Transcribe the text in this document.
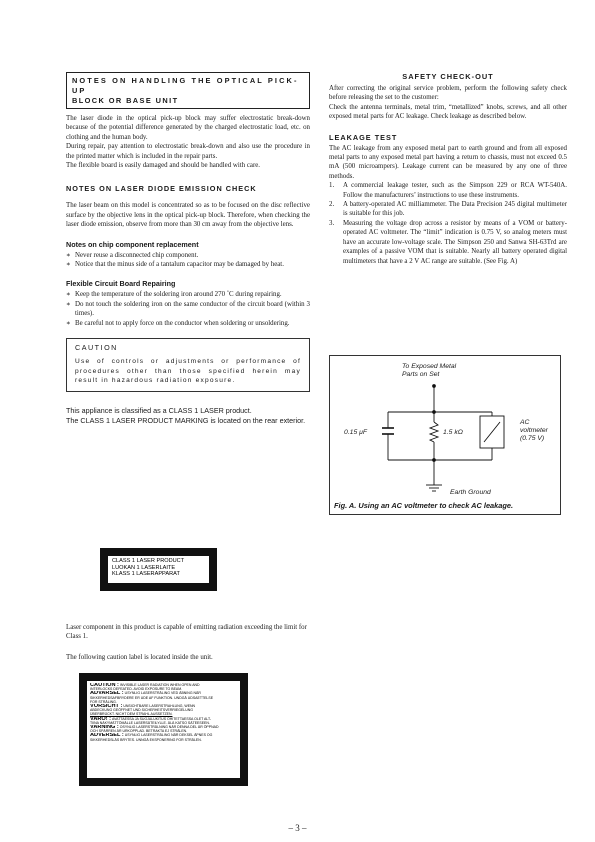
NOTES ON HANDLING THE OPTICAL PICK-UP
BLOCK OR BASE UNIT

The laser diode in the optical pick-up block may suffer electrostatic break-down because of the potential difference generated by the charged electrostatic load, etc. on clothing and the human body.

During repair, pay attention to electrostatic break-down and also use the procedure in the printed matter which is included in the repair parts.

The flexible board is easily damaged and should be handled with care.

NOTES ON LASER DIODE EMISSION CHECK

The laser beam on this model is concentrated so as to be focused on the disc reflective surface by the objective lens in the optical pick-up block. Therefore, when checking the laser diode emission, observe from more than 30 cm away from the objective lens.

Notes on chip component replacement

∗ Never reuse a disconnected chip component.
∗ Notice that the minus side of a tantalum capacitor may be damaged by heat.

Flexible Circuit Board Repairing

∗ Keep the temperature of the soldering iron around 270 ˚C during repairing.
∗ Do not touch the soldering iron on the same conductor of the circuit board (within 3 times).
∗ Be careful not to apply force on the conductor when soldering or unsoldering.
CAUTION
Use of controls or adjustments or performance of procedures other than those specified herein may result in hazardous radiation exposure.

This appliance is classified as a CLASS 1 LASER product.

The CLASS 1 LASER PRODUCT MARKING is located on the rear exterior.

CLASS 1 LASER PRODUCT
LUOKAN 1 LASERLAITE
KLASS 1 LASERAPPARAT

Laser component in this product is capable of emitting radiation exceeding the limit for Class 1.

The following caution label is located inside the unit.

CAUTION :INVISIBLE LASER RADIATION WHEN OPEN AND
INTERLOCKS DEFEATED. AVOID EXPOSURE TO BEAM.
ADVARSEL :USYNLIG LASERSTRÅLING VED ÅBNING NÅR
SIKKERHEDSAFBRYDERE ER UDE AF FUNKTION. UNDGÅ UDSAETTELSE
FOR STRÅLING.
VORSICHT :UNSICHTBARE LASERSTRAHLUNG, WENN
ABDECKUNG GEÖFFNET UND SICHERHEITSVERRIEGELUNG
ÜBERBRÜCKT. NICHT DEM STRAHL AUSSETZEN.
VARO! :AVATTAESSA JA SUOJALUKITUS OHITETTAESSA OLET ALT-
TIINA NÄKYMÄTTÖMÄLLE LASERSÄTEILYLLE. ÄLÄ KATSO SÄTEESEEN.
VARNING :OSYNLIG LASERSTRÅLNING NÄR DENNA DEL ÄR ÖPPNAD
OCH SPÄRREN ÄR URKOPPLAD. BETRAKTA EJ STRÅLEN.
ADVERSEL :USYNLIG LASERSTRÅLING NÅR DEKSEL ÅPNES OG
SIKKERHEDSLÅS BRYTES. UNNGÅ EKSPONERING FOR STRÅLEN.

SAFETY CHECK-OUT

After correcting the original service problem, perform the following safety check before releasing the set to the customer:

Check the antenna terminals, metal trim, “metallized” knobs, screws, and all other exposed metal parts for AC leakage. Check leakage as described below.

LEAKAGE TEST

The AC leakage from any exposed metal part to earth ground and from all exposed metal parts to any exposed metal part having a return to chassis, must not exceed 0.5 mA (500 microampers). Leakage current can be measured by any one of three methods.

1.	A commercial leakage tester, such as the Simpson 229 or RCA WT-540A. Follow the manufacturers’ instructions to use these instruments.
2.	A battery-operated AC milliammeter. The Data Precision 245 digital multimeter is suitable for this job.
3.	Measuring the voltage drop across a resistor by means of a VOM or battery-operated AC voltmeter. The “limit” indication is 0.75 V, so analog meters must have an accurate low-voltage scale. The Simpson 250 and Sanwa SH-63Trd are examples of a passive VOM that is suitable. Nearly all battery operated digital multimeters that have a 2 V AC range are suitable. (See Fig. A)
To Exposed Metal
Parts on Set
0.15 μF	1.5 kΩ
AC
voltmeter
(0.75 V)
Earth Ground
Fig. A. Using an AC voltmeter to check AC leakage.
– 3 –
